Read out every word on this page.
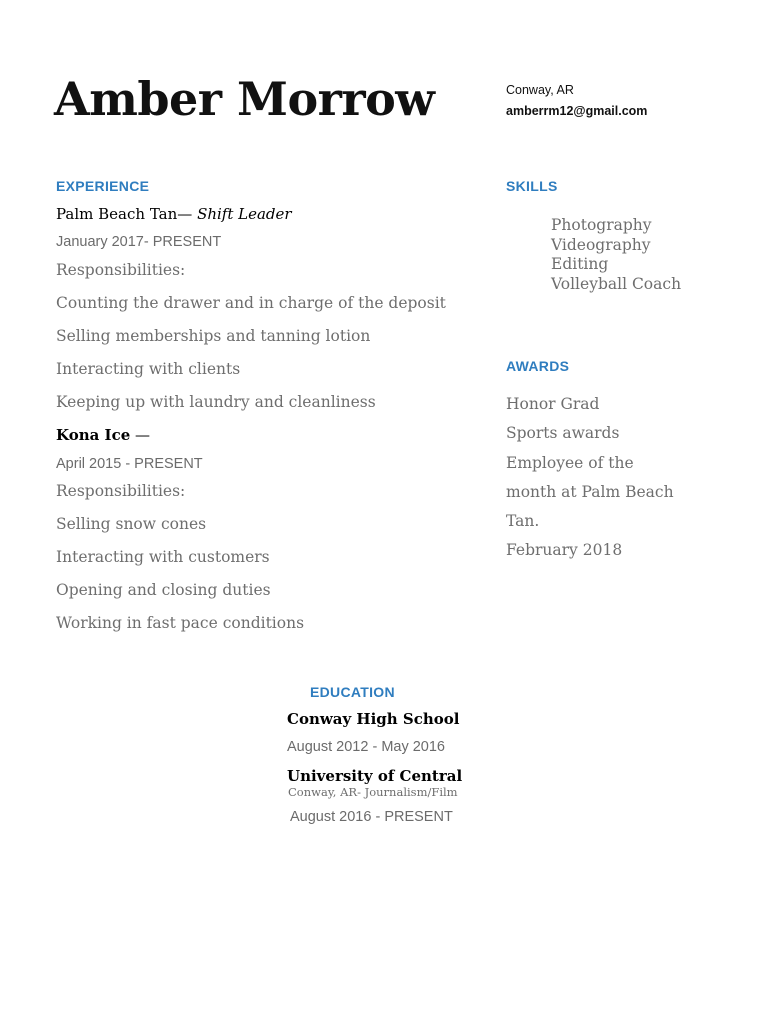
Amber Morrow	Conway, AR
amberrm12@gmail.com
EXPERIENCE
Palm Beach Tan— Shift Leader
January 2017- PRESENT
Responsibilities:
Counting the drawer and in charge of the deposit
Selling memberships and tanning lotion
Interacting with clients
Keeping up with laundry and cleanliness
Kona Ice —
April 2015 - PRESENT
Responsibilities:
Selling snow cones
Interacting with customers
Opening and closing duties
Working in fast pace conditions
SKILLS
Photography
Videography
Editing
Volleyball Coach
AWARDS
Honor Grad
Sports awards
Employee of the month at Palm Beach Tan.
February 2018
EDUCATION
Conway High School
August 2012 - May 2016
University of Central
Conway, AR- Journalism/Film
August 2016 - PRESENT
